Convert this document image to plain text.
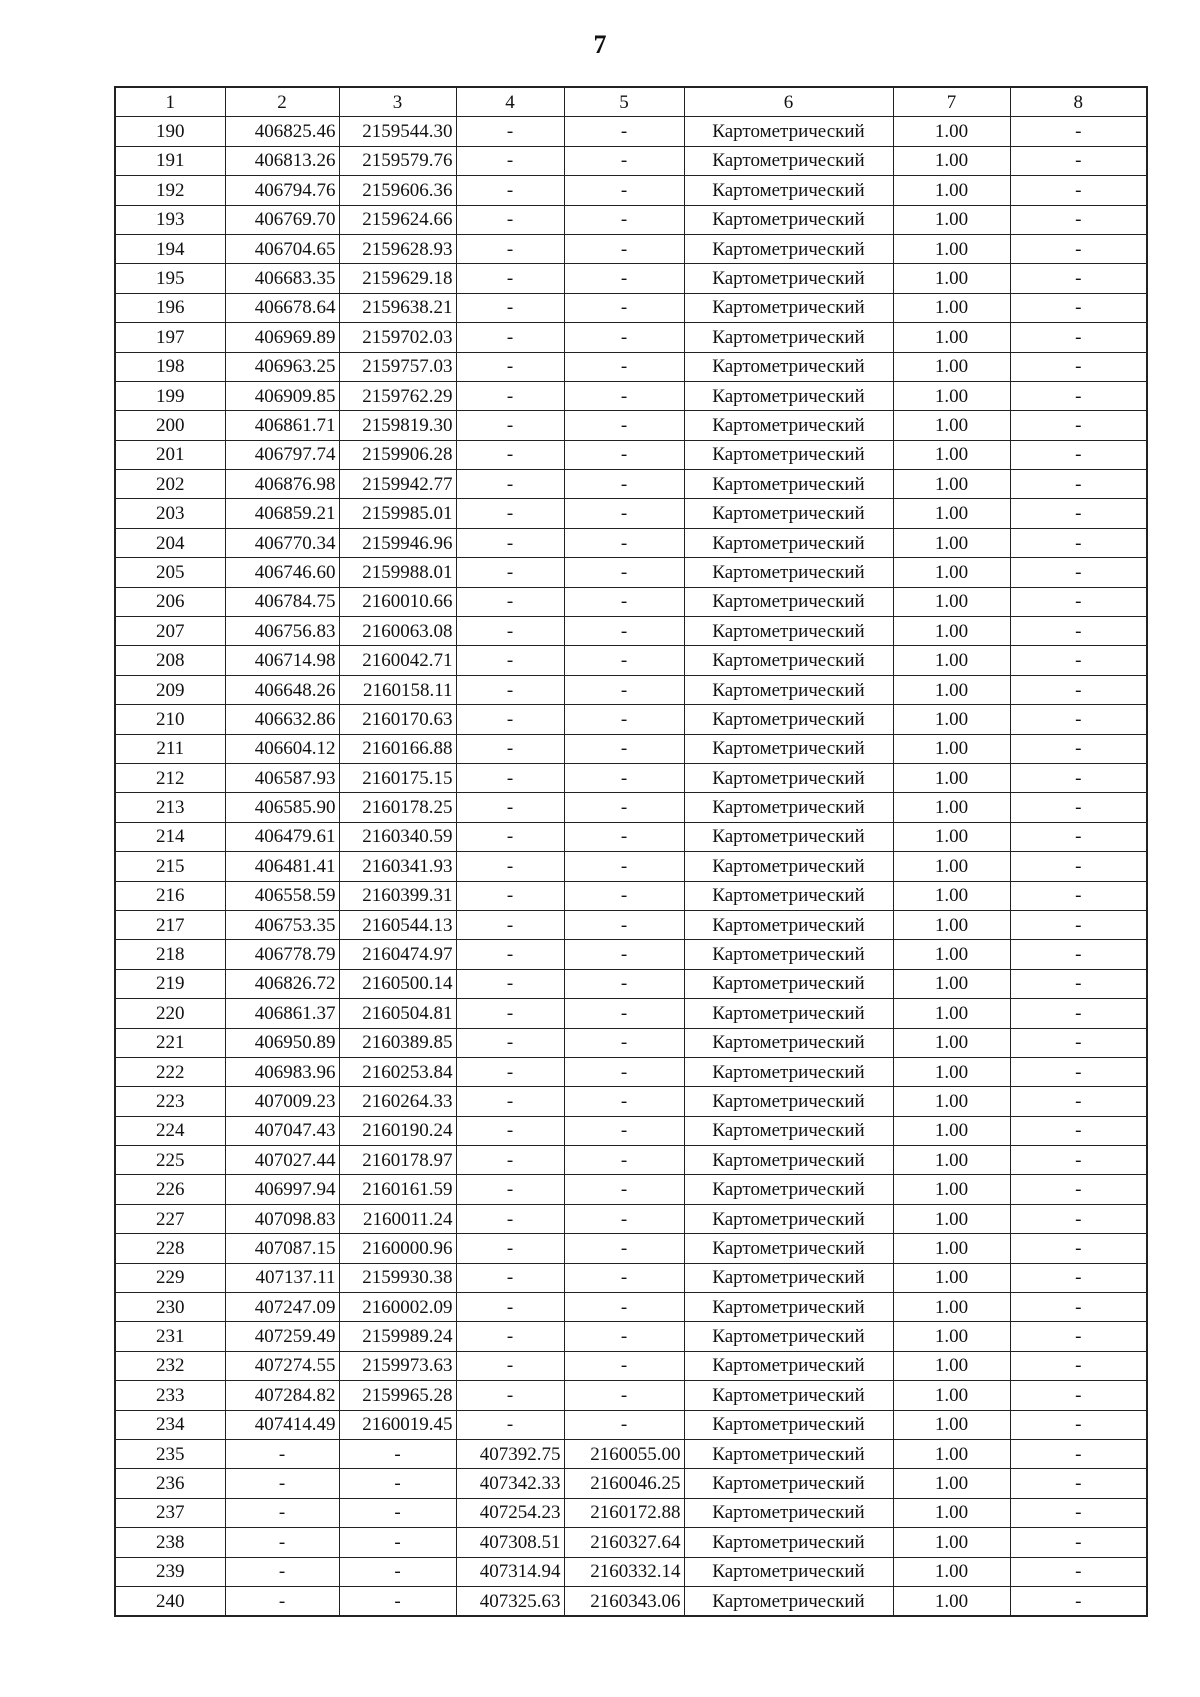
7
1	2	3	4	5	6	7	8
190	406825.46	2159544.30	-	-	Картометрический	1.00	-
191	406813.26	2159579.76	-	-	Картометрический	1.00	-
192	406794.76	2159606.36	-	-	Картометрический	1.00	-
193	406769.70	2159624.66	-	-	Картометрический	1.00	-
194	406704.65	2159628.93	-	-	Картометрический	1.00	-
195	406683.35	2159629.18	-	-	Картометрический	1.00	-
196	406678.64	2159638.21	-	-	Картометрический	1.00	-
197	406969.89	2159702.03	-	-	Картометрический	1.00	-
198	406963.25	2159757.03	-	-	Картометрический	1.00	-
199	406909.85	2159762.29	-	-	Картометрический	1.00	-
200	406861.71	2159819.30	-	-	Картометрический	1.00	-
201	406797.74	2159906.28	-	-	Картометрический	1.00	-
202	406876.98	2159942.77	-	-	Картометрический	1.00	-
203	406859.21	2159985.01	-	-	Картометрический	1.00	-
204	406770.34	2159946.96	-	-	Картометрический	1.00	-
205	406746.60	2159988.01	-	-	Картометрический	1.00	-
206	406784.75	2160010.66	-	-	Картометрический	1.00	-
207	406756.83	2160063.08	-	-	Картометрический	1.00	-
208	406714.98	2160042.71	-	-	Картометрический	1.00	-
209	406648.26	2160158.11	-	-	Картометрический	1.00	-
210	406632.86	2160170.63	-	-	Картометрический	1.00	-
211	406604.12	2160166.88	-	-	Картометрический	1.00	-
212	406587.93	2160175.15	-	-	Картометрический	1.00	-
213	406585.90	2160178.25	-	-	Картометрический	1.00	-
214	406479.61	2160340.59	-	-	Картометрический	1.00	-
215	406481.41	2160341.93	-	-	Картометрический	1.00	-
216	406558.59	2160399.31	-	-	Картометрический	1.00	-
217	406753.35	2160544.13	-	-	Картометрический	1.00	-
218	406778.79	2160474.97	-	-	Картометрический	1.00	-
219	406826.72	2160500.14	-	-	Картометрический	1.00	-
220	406861.37	2160504.81	-	-	Картометрический	1.00	-
221	406950.89	2160389.85	-	-	Картометрический	1.00	-
222	406983.96	2160253.84	-	-	Картометрический	1.00	-
223	407009.23	2160264.33	-	-	Картометрический	1.00	-
224	407047.43	2160190.24	-	-	Картометрический	1.00	-
225	407027.44	2160178.97	-	-	Картометрический	1.00	-
226	406997.94	2160161.59	-	-	Картометрический	1.00	-
227	407098.83	2160011.24	-	-	Картометрический	1.00	-
228	407087.15	2160000.96	-	-	Картометрический	1.00	-
229	407137.11	2159930.38	-	-	Картометрический	1.00	-
230	407247.09	2160002.09	-	-	Картометрический	1.00	-
231	407259.49	2159989.24	-	-	Картометрический	1.00	-
232	407274.55	2159973.63	-	-	Картометрический	1.00	-
233	407284.82	2159965.28	-	-	Картометрический	1.00	-
234	407414.49	2160019.45	-	-	Картометрический	1.00	-
235	-	-	407392.75	2160055.00	Картометрический	1.00	-
236	-	-	407342.33	2160046.25	Картометрический	1.00	-
237	-	-	407254.23	2160172.88	Картометрический	1.00	-
238	-	-	407308.51	2160327.64	Картометрический	1.00	-
239	-	-	407314.94	2160332.14	Картометрический	1.00	-
240	-	-	407325.63	2160343.06	Картометрический	1.00	-
